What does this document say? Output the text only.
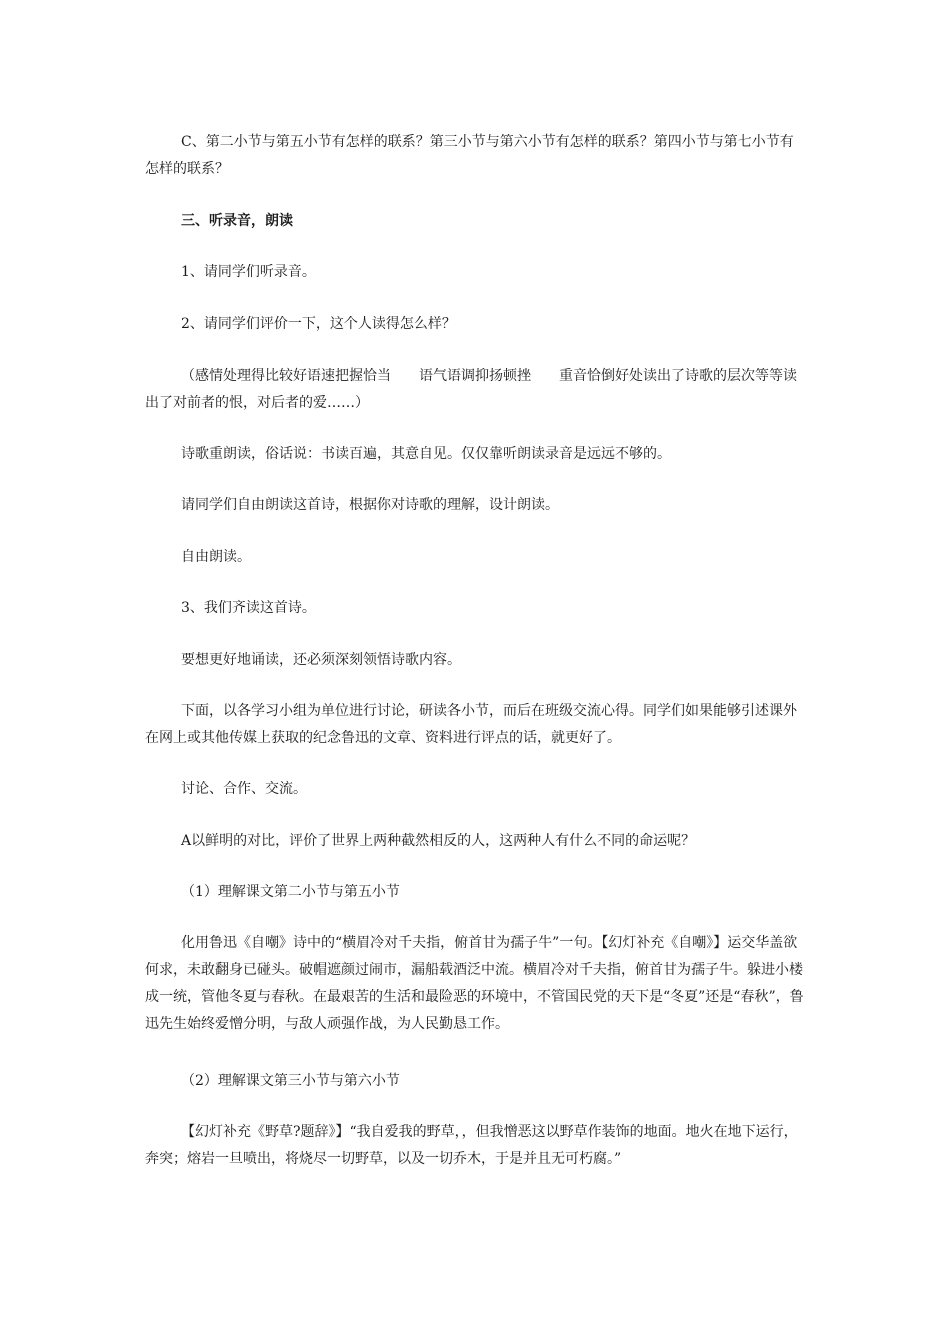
C、第二小节与第五小节有怎样的联系？第三小节与第六小节有怎样的联系？第四小节与第七小节有怎样的联系？

三、听录音，朗读

1、请同学们听录音。

2、请同学们评价一下，这个人读得怎么样？

（感情处理得比较好语速把握恰当 语气语调抑扬顿挫 重音恰倒好处读出了诗歌的层次等等读出了对前者的恨，对后者的爱……）

诗歌重朗读，俗话说：书读百遍，其意自见。仅仅靠听朗读录音是远远不够的。

请同学们自由朗读这首诗，根据你对诗歌的理解，设计朗读。

自由朗读。

3、我们齐读这首诗。

要想更好地诵读，还必须深刻领悟诗歌内容。

下面，以各学习小组为单位进行讨论，研读各小节，而后在班级交流心得。同学们如果能够引述课外在网上或其他传媒上获取的纪念鲁迅的文章、资料进行评点的话，就更好了。

讨论、合作、交流。

A以鲜明的对比，评价了世界上两种截然相反的人，这两种人有什么不同的命运呢？

（1）理解课文第二小节与第五小节

化用鲁迅《自嘲》诗中的“横眉冷对千夫指，俯首甘为孺子牛”一句。【幻灯补充《自嘲》】运交华盖欲何求，未敢翻身已碰头。破帽遮颜过闹市，漏船载酒泛中流。横眉冷对千夫指，俯首甘为孺子牛。躲进小楼成一统，管他冬夏与春秋。在最艰苦的生活和最险恶的环境中，不管国民党的天下是“冬夏”还是“春秋”，鲁迅先生始终爱憎分明，与敌人顽强作战，为人民勤恳工作。

（2）理解课文第三小节与第六小节

【幻灯补充《野草?题辞》】“我自爱我的野草，，但我憎恶这以野草作装饰的地面。地火在地下运行，奔突；熔岩一旦喷出，将烧尽一切野草，以及一切乔木，于是并且无可朽腐。”
